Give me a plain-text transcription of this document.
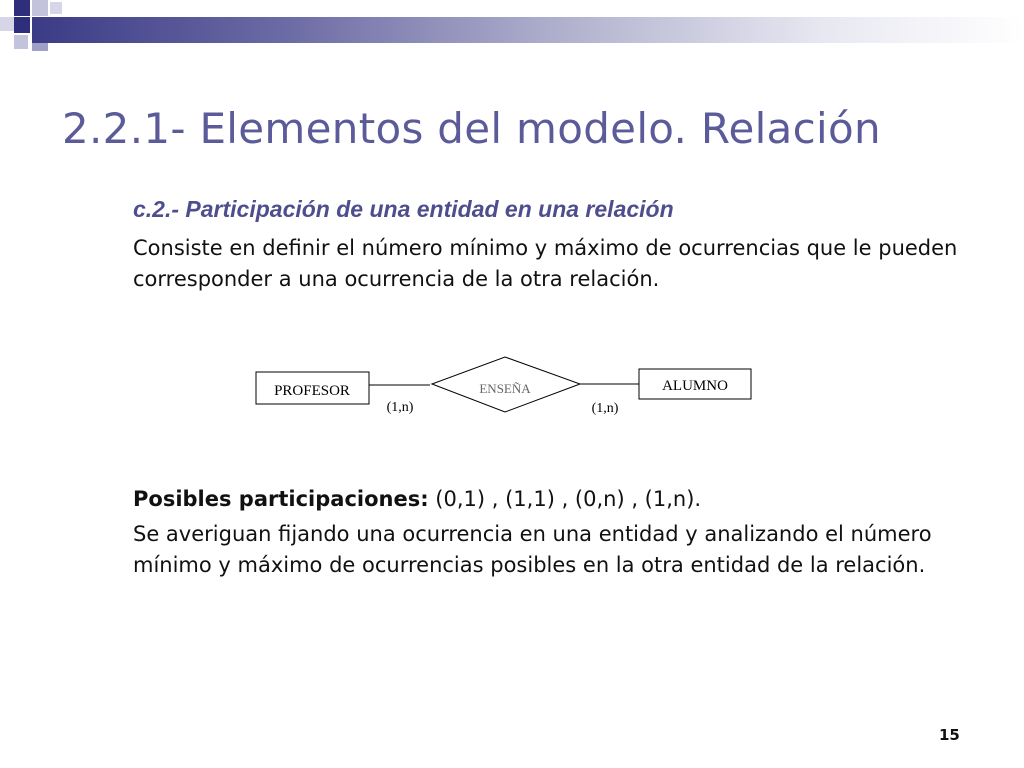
2.2.1- Elementos del modelo. Relación
c.2.- Participación de una entidad en una relación

Consiste en definir el número mínimo y máximo de ocurrencias que le pueden corresponder a una ocurrencia de la otra relación.

PROFESOR	ENSEÑA	ALUMNO
(1,n)	(1,n)

Posibles participaciones: (0,1) , (1,1) , (0,n) , (1,n).

Se averiguan fijando una ocurrencia en una entidad y analizando el número mínimo y máximo de ocurrencias posibles en la otra entidad de la relación.

15
